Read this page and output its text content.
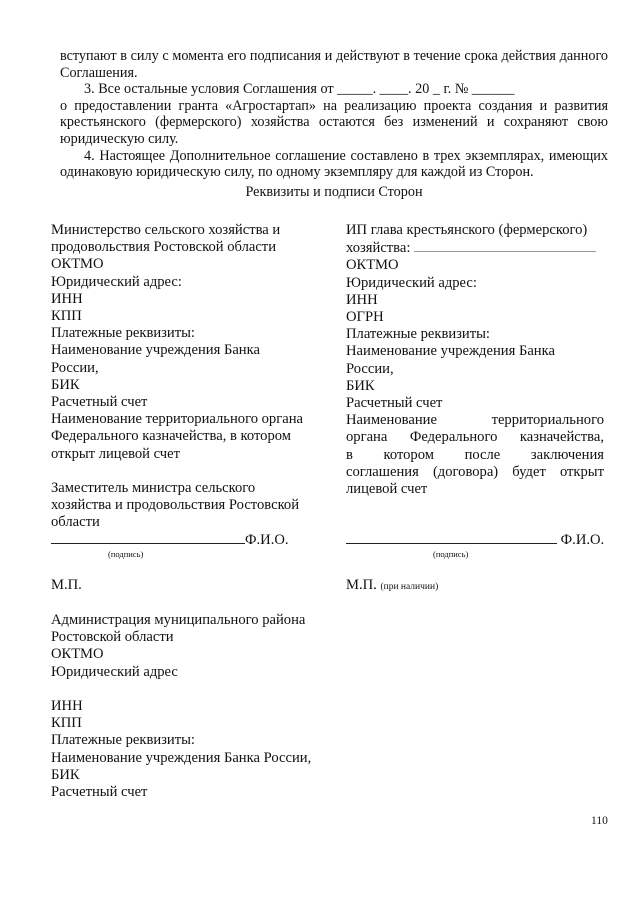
вступают в силу с момента его подписания и действуют в течение срока действия данного Соглашения.

3. Все остальные условия Соглашения от _____. ____. 20 _ г. № ______

о предоставлении гранта «Агростартап» на реализацию проекта создания и развития крестьянского (фермерского) хозяйства остаются без изменений и сохраняют свою юридическую силу.

4. Настоящее Дополнительное соглашение составлено в трех экземплярах, имеющих одинаковую юридическую силу, по одному экземпляру для каждой из Сторон.

Реквизиты и подписи Сторон
Министерство сельского хозяйства и
продовольствия Ростовской области
ОКТМО
Юридический адрес:
ИНН
КПП
Платежные реквизиты:
Наименование учреждения Банка
России,
БИК
Расчетный счет
Наименование территориального органа
Федерального казначейства, в котором
открыт лицевой счет
Заместитель министра сельского
хозяйства и продовольствия Ростовской
области
ИП глава крестьянского (фермерского)
хозяйства:
ОКТМО
Юридический адрес:
ИНН
ОГРН
Платежные реквизиты:
Наименование учреждения Банка
России,
БИК
Расчетный счет
Наименование территориального
органа Федерального казначейства,
в котором после заключения
соглашения (договора) будет открыт
лицевой счет
Ф.И.О.
(подпись)
Ф.И.О.
(подпись)
М.П.	М.П. (при наличии)
Администрация муниципального района
Ростовской области
ОКТМО
Юридический адрес
ИНН
КПП
Платежные реквизиты:
Наименование учреждения Банка России,
БИК
Расчетный счет
110
